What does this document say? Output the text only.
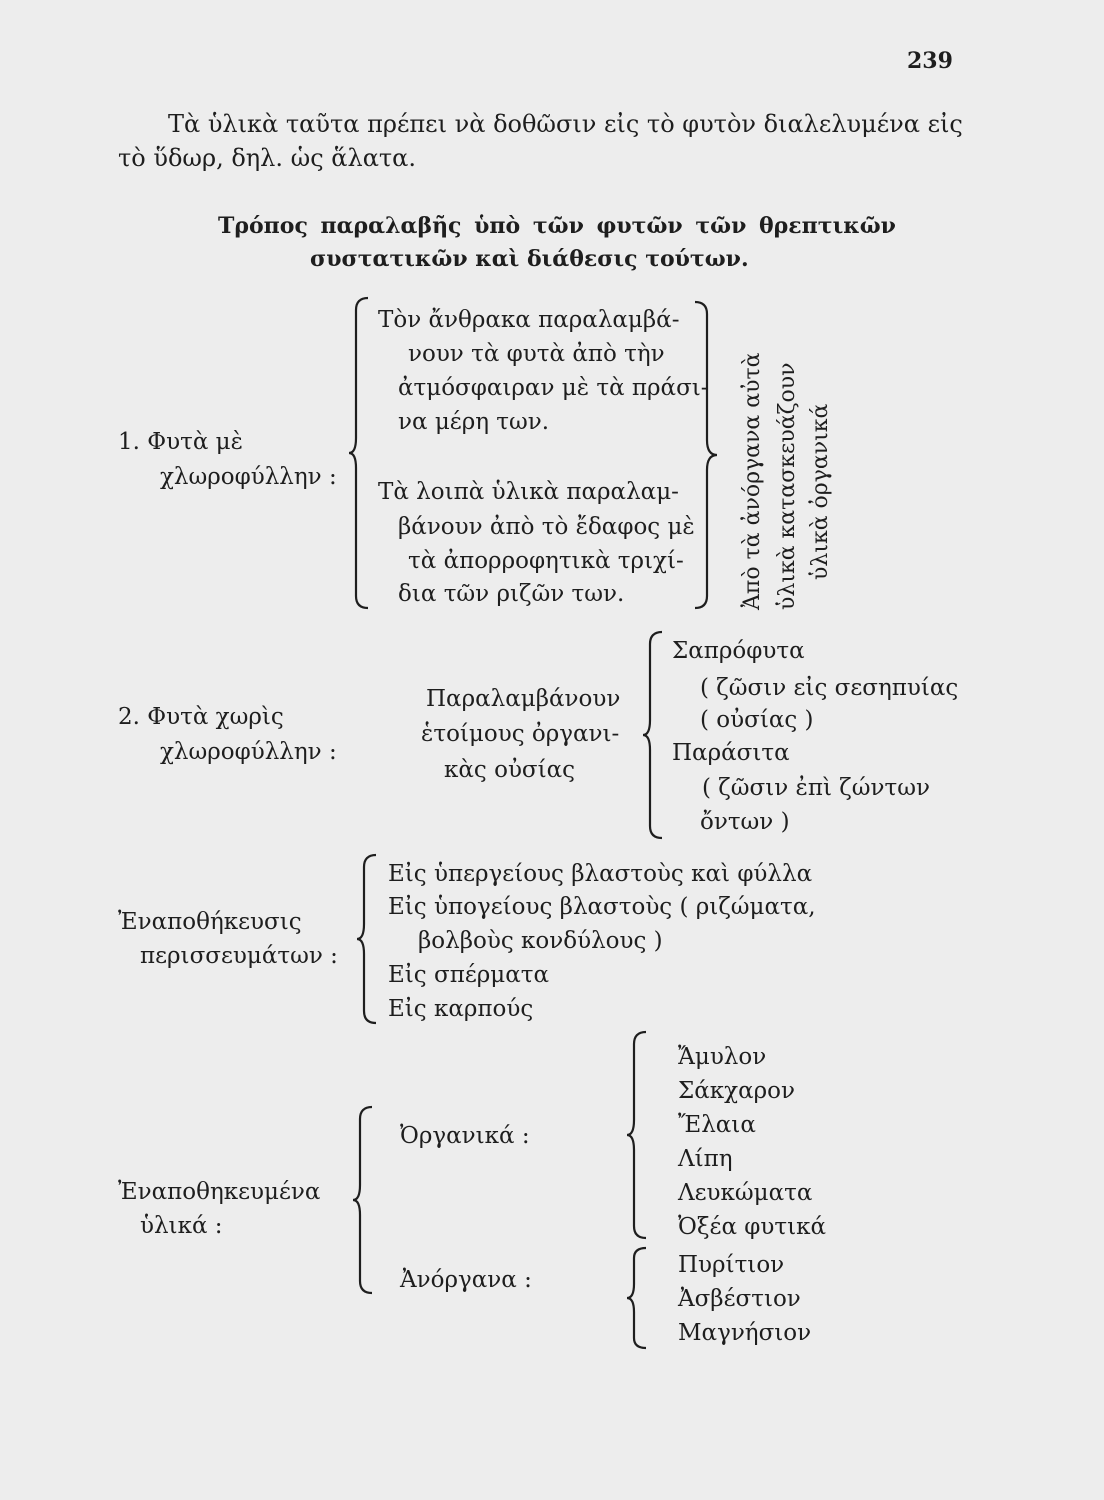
239
Τὰ ὑλικὰ ταῦτα πρέπει νὰ δοθῶσιν εἰς τὸ φυτὸν διαλελυμένα εἰς
τὸ ὕδωρ, δηλ. ὡς ἅλατα.
Τρόπος παραλαβῆς ὑπὸ τῶν φυτῶν τῶν θρεπτικῶν
συστατικῶν καὶ διάθεσις τούτων.
1. Φυτὰ μὲ
χλωροφύλλην :
Τὸν ἄνθρακα παραλαμβά-
νουν τὰ φυτὰ ἀπὸ τὴν
ἀτμόσφαιραν μὲ τὰ πράσι-
να μέρη των.
Τὰ λοιπὰ ὑλικὰ παραλαμ-
βάνουν ἀπὸ τὸ ἔδαφος μὲ
τὰ ἀπορροφητικὰ τριχί-
δια τῶν ριζῶν των.	Ἀπὸ τὰ ἀνόργανα αὐτὰ ὑλικὰ κατασκευάζουν ὑλικὰ ὀργανικά
2. Φυτὰ χωρὶς
χλωροφύλλην :
Παραλαμβάνουν
ἑτοίμους ὀργανι-
κὰς οὐσίας
Σαπρόφυτα
( ζῶσιν εἰς σεσηπυίας
( οὐσίας )
Παράσιτα
( ζῶσιν ἐπὶ ζώντων
ὄντων )
Ἐναποθήκευσις
περισσευμάτων :
Εἰς ὑπεργείους βλαστοὺς καὶ φύλλα
Εἰς ὑπογείους βλαστοὺς ( ριζώματα,
βολβοὺς κονδύλους )
Εἰς σπέρματα
Εἰς καρπούς
Ἐναποθηκευμένα
ὑλικά :
Ὀργανικά :
Ἀνόργανα :
Ἄμυλον
Σάκχαρον
Ἔλαια
Λίπη
Λευκώματα
Ὀξέα φυτικά
Πυρίτιον
Ἀσβέστιον
Μαγνήσιον
